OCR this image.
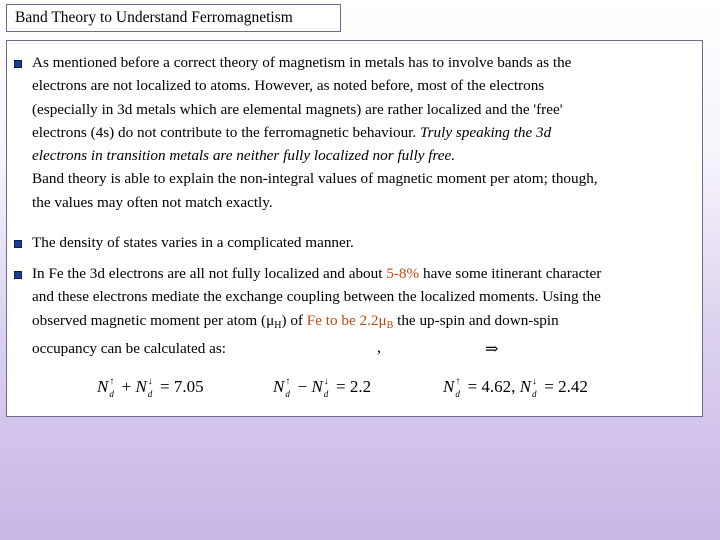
Band Theory to Understand Ferromagnetism
As mentioned before a correct theory of magnetism in metals has to involve bands as the
electrons are not localized to atoms. However, as noted before, most of the electrons
(especially in 3d metals which are elemental magnets) are rather localized and the 'free'
electrons (4s) do not contribute to the ferromagnetic behaviour. Truly speaking the 3d
electrons in transition metals are neither fully localized nor fully free.
Band theory is able to explain the non-integral values of magnetic moment per atom; though,
the values may often not match exactly.
The density of states varies in a complicated manner.
In Fe the 3d electrons are all not fully localized and about 5-8% have some itinerant character
and these electrons mediate the exchange coupling between the localized moments. Using the
observed magnetic moment per atom $(\mu_H)$ of Fe to be $2.2\mu_B$ the up-spin and down-spin
occupancy can be calculated as:	,	⇒
N ↑
d + N ↓
d = 7.05	N ↑
d − N ↓
d = 2.2	N ↑
d = 4.62, N ↓
d = 2.42
